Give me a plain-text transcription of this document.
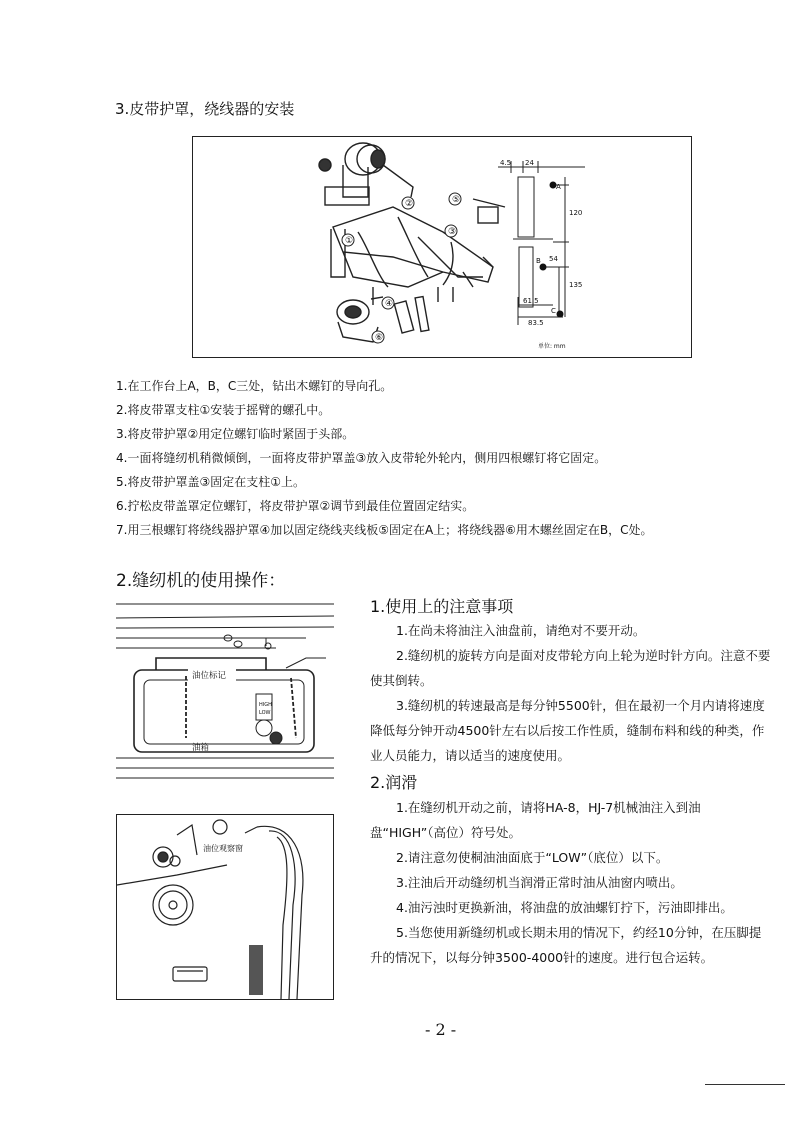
3.皮带护罩，绕线器的安装
①
②
③
④
⑤
⑥
4.5 24
120
54
135
61.5
83.5
A
B
C
单位: mm
1.在工作台上A，B，C三处，钻出木螺钉的导向孔。
2.将皮带罩支柱①安装于摇臂的螺孔中。
3.将皮带护罩②用定位螺钉临时紧固于头部。
4.一面将缝纫机稍微倾倒，一面将皮带护罩盖③放入皮带轮外轮内，侧用四根螺钉将它固定。
5.将皮带护罩盖③固定在支柱①上。
6.拧松皮带盖罩定位螺钉，将皮带护罩②调节到最佳位置固定结实。
7.用三根螺钉将绕线器护罩④加以固定绕线夹线板⑤固定在A上；将绕线器⑥用木螺丝固定在B，C处。
2.缝纫机的使用操作：
油位标记
油箱
HIGH
LOW
油位观察窗
1.使用上的注意事项
1.在尚未将油注入油盘前，请绝对不要开动。
2.缝纫机的旋转方向是面对皮带轮方向上轮为逆时针方向。注意不要使其倒转。
3.缝纫机的转速最高是每分钟5500针，但在最初一个月内请将速度降低每分钟开动4500针左右以后按工作性质，缝制布料和线的种类，作业人员能力，请以适当的速度使用。
2.润滑
1.在缝纫机开动之前，请将HA-8，HJ-7机械油注入到油盘“HIGH”（高位）符号处。
2.请注意勿使桐油油面底于“LOW”（底位）以下。
3.注油后开动缝纫机当润滑正常时油从油窗内喷出。
4.油污浊时更换新油，将油盘的放油螺钉拧下，污油即排出。
5.当您使用新缝纫机或长期未用的情况下，约经10分钟，在压脚提升的情况下，以每分钟3500-4000针的速度。进行包合运转。
- 2 -
